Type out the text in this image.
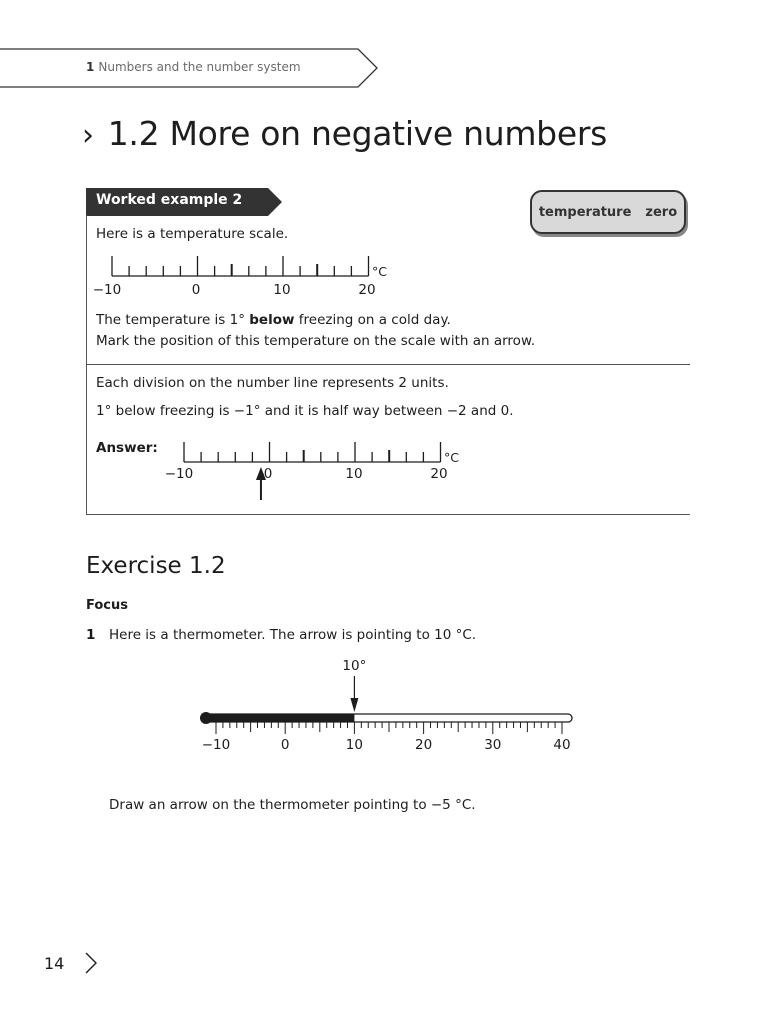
1 Numbers and the number system
› 1.2 More on negative numbers
temperature zero
Worked example 2
Here is a temperature scale.
−10	0	10	20
°C
The temperature is 1° below freezing on a cold day.
Mark the position of this temperature on the scale with an arrow.
Each division on the number line represents 2 units.
1° below freezing is −1° and it is half way between −2 and 0.
Answer:
−10	0	10	20
°C
Exercise 1.2
Focus
1 Here is a thermometer. The arrow is pointing to 10 °C.
10°
−10	0	10	20	30	40
Draw an arrow on the thermometer pointing to −5 °C.
14
